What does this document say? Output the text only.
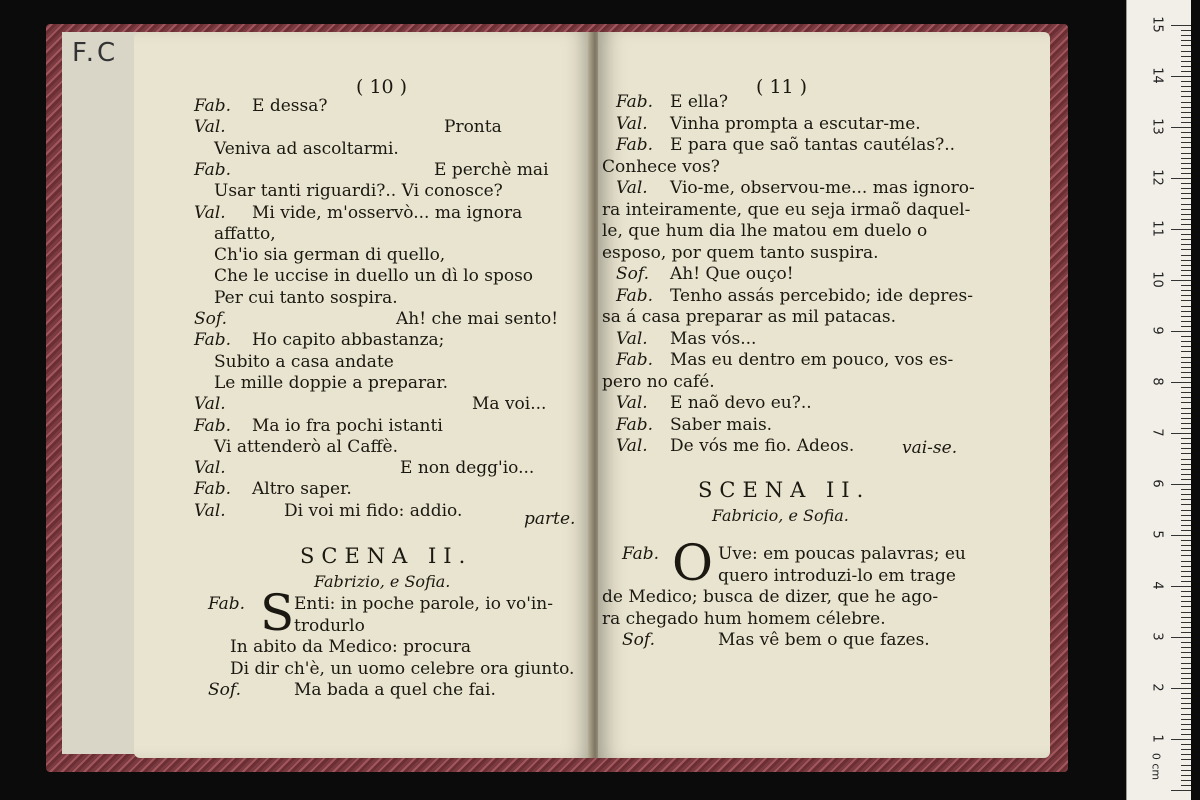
F.C
( 10 )
Fab. E dessa?
Val.	Pronta
Veniva ad ascoltarmi.
Fab.	E perchè mai
Usar tanti riguardi?.. Vi conosce?
Val. Mi vide, m'osservò... ma ignora
affatto,
Ch'io sia german di quello,
Che le uccise in duello un dì lo sposo
Per cui tanto sospira.
Sof.	Ah! che mai sento!
Fab. Ho capito abbastanza;
Subito a casa andate
Le mille doppie a preparar.
Val.	Ma voi...
Fab. Ma io fra pochi istanti
Vi attenderò al Caffè.
Val.	E non degg'io...
Fab. Altro saper.
Val.	Di voi mi fido: addio.	parte.
SCENA II.
Fabrizio, e Sofia.
S
Fab.	Enti: in poche parole, io vo'in-
trodurlo
In abito da Medico: procura
Di dir ch'è, un uomo celebre ora giunto.
Sof.	Ma bada a quel che fai.
( 11 )
Fab. E ella?
Val. Vinha prompta a escutar-me.
Fab. E para que saõ tantas cautélas?..
Conhece vos?
Val. Vio-me, observou-me... mas ignoro-
ra inteiramente, que eu seja irmaõ daquel-
le, que hum dia lhe matou em duelo o
esposo, por quem tanto suspira.
Sof. Ah! Que ouço!
Fab. Tenho assás percebido; ide depres-
sa á casa preparar as mil patacas.
Val. Mas vós...
Fab. Mas eu dentro em pouco, vos es-
pero no café.
Val. E naõ devo eu?..
Fab. Saber mais.
Val. De vós me fio. Adeos.	vai-se.
SCENA II.
Fabricio, e Sofia.
O
Fab.	Uve: em poucas palavras; eu
quero introduzi-lo em trage
de Medico; busca de dizer, que he ago-
ra chegado hum homem célebre.
Sof.	Mas vê bem o que fazes.
15
14
13
12
11
10
9
8
7
6
5
4
3
2
1
0 cm
